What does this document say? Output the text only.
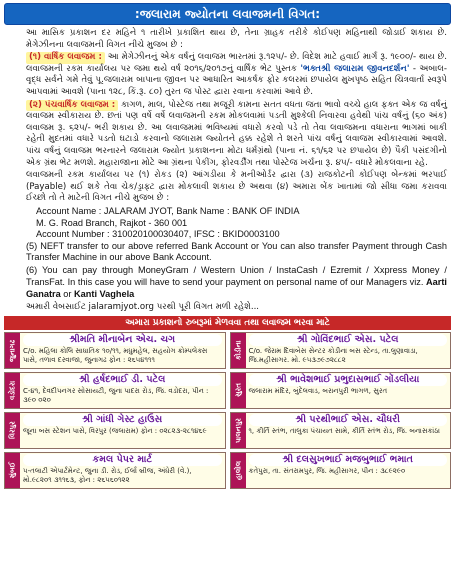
:જલારામ જ્યોતના લવાજમની વિગત:

આ માસિક પ્રકાશન દર મહિને ૧ તારીખે પ્રકાશિત થાય છે, તેના ગ્રાહક તરીકે કોઈપણ મહિનાથી જોડાઈ શકાય છે. મેગેઝીનના લવાજમની વિગત નીચે મુજબ છે :

(૧) વાર્ષિક લવાજમ : આ મેગેઝીનનું એક વર્ષનું લવાજમ ભારતમાં રૂ.૧૨૫/- છે. વિદેશ માટે હવાઈ માર્ગ રૂ. ૧૯૦૦/- થાય છે. લવાજમની રકમ કાર્યાલય પર જમા થયે વર્ષ ૨૦૧૬/૨૦૧૭નું વાર્ષિક ભેટ પુસ્તક 'ભક્તશ્રી જલારામ જીવનદર્શન' - અબાલ-વૃદ્ધ સર્વને ગમે તેવું પૂ.જલારામ બાપાના જીવન પર આધારિત આકર્ષક ફોર કલરમાં છપાયેલ મુખપૃષ્ઠ સહિત ચિત્રવાર્તા સ્વરૂપે આપવામાં આવશે (પાના ૧૨૮, કિં.રૂ. ૮૦) તુરત જ પોસ્ટ દ્વારા રવાના કરવામાં આવે છે.

(૨) પંચવાર્ષિક લવાજમ : કાગળ, માલ, પોસ્ટેજ તથા મજૂરી કામના સતત વધતા જતા ભાવો વચ્ચે હાલ ફક્ત એક જ વર્ષનું લવાજમ સ્વીકારાય છે. છતાં પણ વર્ષે વર્ષે લવાજમની રકમ મોકલવામાં પડતી મુશ્કેલી નિવારવા હવેથી પાંચ વર્ષનું (૬૦ અંક) લવાજમ રૂ. ૬૨૫/- ભરી શકાય છે. આ લવાજમમાં ભવિષ્યમાં વધારો કરવો પડે તો તેવા લવાજમના વધારાના ભાગમાં બાકી રહેતી મુદતમાં વધારે પડતો ઘટાડો કરવાનો જલારામ જ્યોતને હક્ક રહેશે તે શરતે પાંચ વર્ષનું લવાજમ સ્વીકારવામાં આવશે. પાંચ વર્ષનું લવાજમ ભરનારને જલારામ જ્યોત પ્રકાશનના મોટા ધર્મગ્રંથો (પાના નં. ૬૧/૬૨ પર છપાયેલ છે) પૈકી પસંદગીનો એક ગ્રંથ ભેટ મળશે. મહારાજાના મોટે આ ગ્રંથના પેકીંગ, ફોરવર્ડીંગ તથા પોસ્ટેજ ખર્ચના રૂ. ૪૫/- વધારે મોકલવાના રહે.

લવાજમની રકમ કાર્યાલય પર (૧) રોકડ (૨) આંગડીયા કે મનીઓર્ડર દ્વારા (૩) રાજકોટની કોઈપણ બેન્કમાં ભરપાઈ (Payable) થઈ શકે તેવા ચેક/ડ્રાફ્ટ દ્વારા મોકલાવી શકાય છે અથવા (૪) અમારા બેંક ખાતામાં જો સીધા જમા કરાવવા ઈચ્છો તો તે માટેની વિગત નીચે મુજબ છે :

Account Name : JALARAM JYOT, Bank Name : BANK OF INDIA
M. G. Road Branch, Rajkot - 360 001
Account Number : 310020100030407, IFSC : BKID0003100

(5) NEFT transfer to our above referred Bank Account or You can also transfer Payment through Cash Transfer Machine in our above Bank Account.

(6) You can pay through MoneyGram / Western Union / InstaCash / Ezremit / Xxpress Money / TransFat. In this case you will have to send your payment on personal name of our Managers viz. Aarti Ganatra or Kanti Vaghela

અમારી વેબસાઈટ jalaramjyot.org પરથી પૂરી વિગત મળી રહેશે...

અમારા પ્રકાશનો રુબરૂમાં મેળવવા તથા લવાજમ ભરવા માટે
જુનાગઢ	શ્રીમતિ મીનાબેન એચ. ચગ
C/o. મહિલા કોલિ સાધાતિક ૧૦/૧૧, મધુમહેલ, સહયોગ ક્રોમ્પલેક્સ પાસે, તળાવ દરવાજા, જુનાગઢ ફોન : ૨૬૫૪૧૧૧	કોડીના
શ્રી ગોવિંદભાઈ એસ. પટેલ
C/o. જેરામ દિવાબેસ સેન્ટર કોડીના બસ સ્ટેન્ડ, તા.લુણાવાડા, જિ.મહીસાગર. મો. ૯૫૩૭૯૭૨૮૮૨
વડોદરા
શ્રી હર્ષદભાઈ ડી. પટેલ
C-૪૧, દેવદીપનગર સોસાયટી, જુના પાદરા રોડ, જિ. વડોદરા, પીન : ૩૯૦ ૦૨૦
સુરત
શ્રી ભાવેશભાઈ પ્રભુદાસભાઈ ગોંડલીયા
જલારામ મંદિર, બુંદેલવાડ, બરાનપુરી ભાગળ, સુરત
વિરપુર
શ્રી ગાંધી ગેસ્ટ હાઉસ
જૂના બસ સ્ટેશન પાસે, વિરપુર (જલારામ) ફોન : ૦૨૮૨૩-૨૮૧૪૬૯	પાલનપુર	શ્રી પરથીભાઈ એસ. ચૌધરી
૧, કીર્તિ સ્તંભ, તાલુકા પંચાયત સામે, કીર્તિ સ્તંભ રોડ, જિ. બનાસકાંઠા
મુંબઈ
કમલ પેપર માર્ટ
૫-તલાટી એપાર્ટમેન્ટ, જુના ડી. રોડ, ઈર્લા બ્રીજ, અંધેરી (વે.), મો.૯૮૨૦૧ ૩૧૧૬૩, ફોન : ૨૬૫૬૦૧૨૨	હાલોલ
શ્રી દલસુખભાઈ મજબુભાઈ ભમાત
કતેપુરા, તા. સંતરામપુર, જિ. મહીસાગર, પીન : ૩૮૯૨૯૦
